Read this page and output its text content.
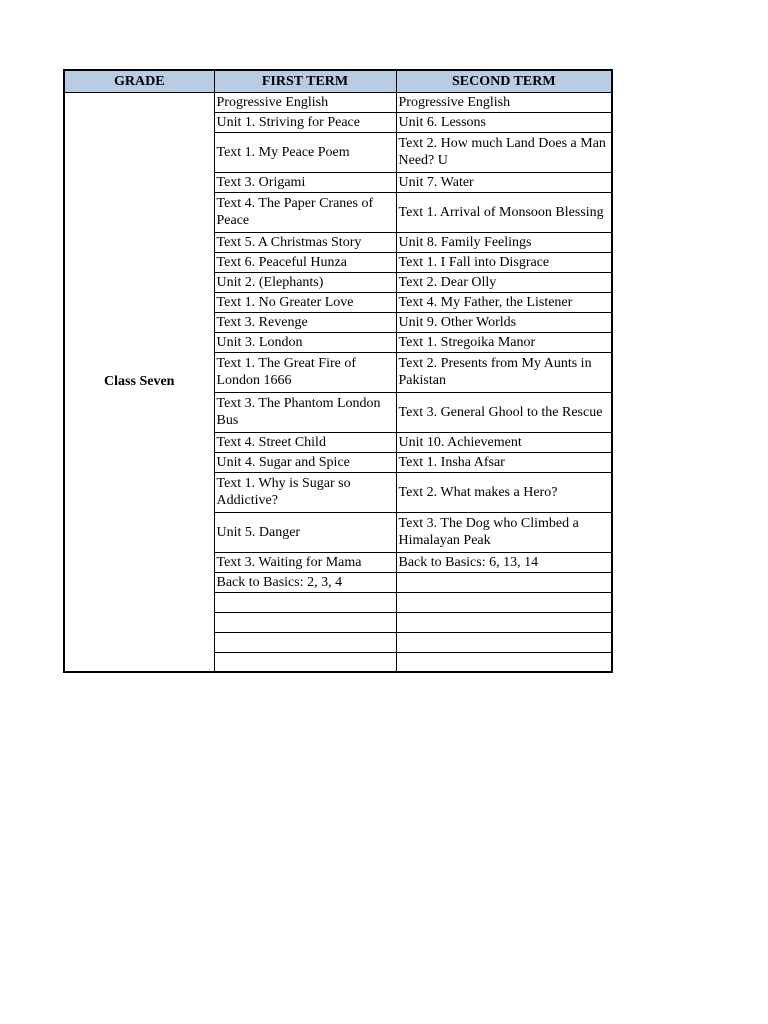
GRADE	FIRST TERM	SECOND TERM
Class Seven	Progressive English	Progressive English
	Unit 1. Striving for Peace	Unit 6. Lessons
	Text 1. My Peace Poem	Text 2. How much Land Does a Man Need? U
	Text 3. Origami	Unit 7. Water
	Text 4. The Paper Cranes of Peace	Text 1. Arrival of Monsoon Blessing
	Text 5. A Christmas Story	Unit 8. Family Feelings
	Text 6. Peaceful Hunza	Text 1. I Fall into Disgrace
	Unit 2. (Elephants)	Text 2. Dear Olly
	Text 1. No Greater Love	Text 4. My Father, the Listener
	Text 3. Revenge	Unit 9. Other Worlds
	Unit 3. London	Text 1. Stregoika Manor
	Text 1. The Great Fire of London 1666	Text 2. Presents from My Aunts in Pakistan
	Text 3. The Phantom London Bus	Text 3. General Ghool to the Rescue
	Text 4. Street Child	Unit 10. Achievement
	Unit 4. Sugar and Spice	Text 1. Insha Afsar
	Text 1. Why is Sugar so Addictive?	Text 2. What makes a Hero?
	Unit 5. Danger	Text 3. The Dog who Climbed a Himalayan Peak
	Text 3. Waiting for Mama	Back to Basics: 6, 13, 14
	Back to Basics: 2, 3, 4	
